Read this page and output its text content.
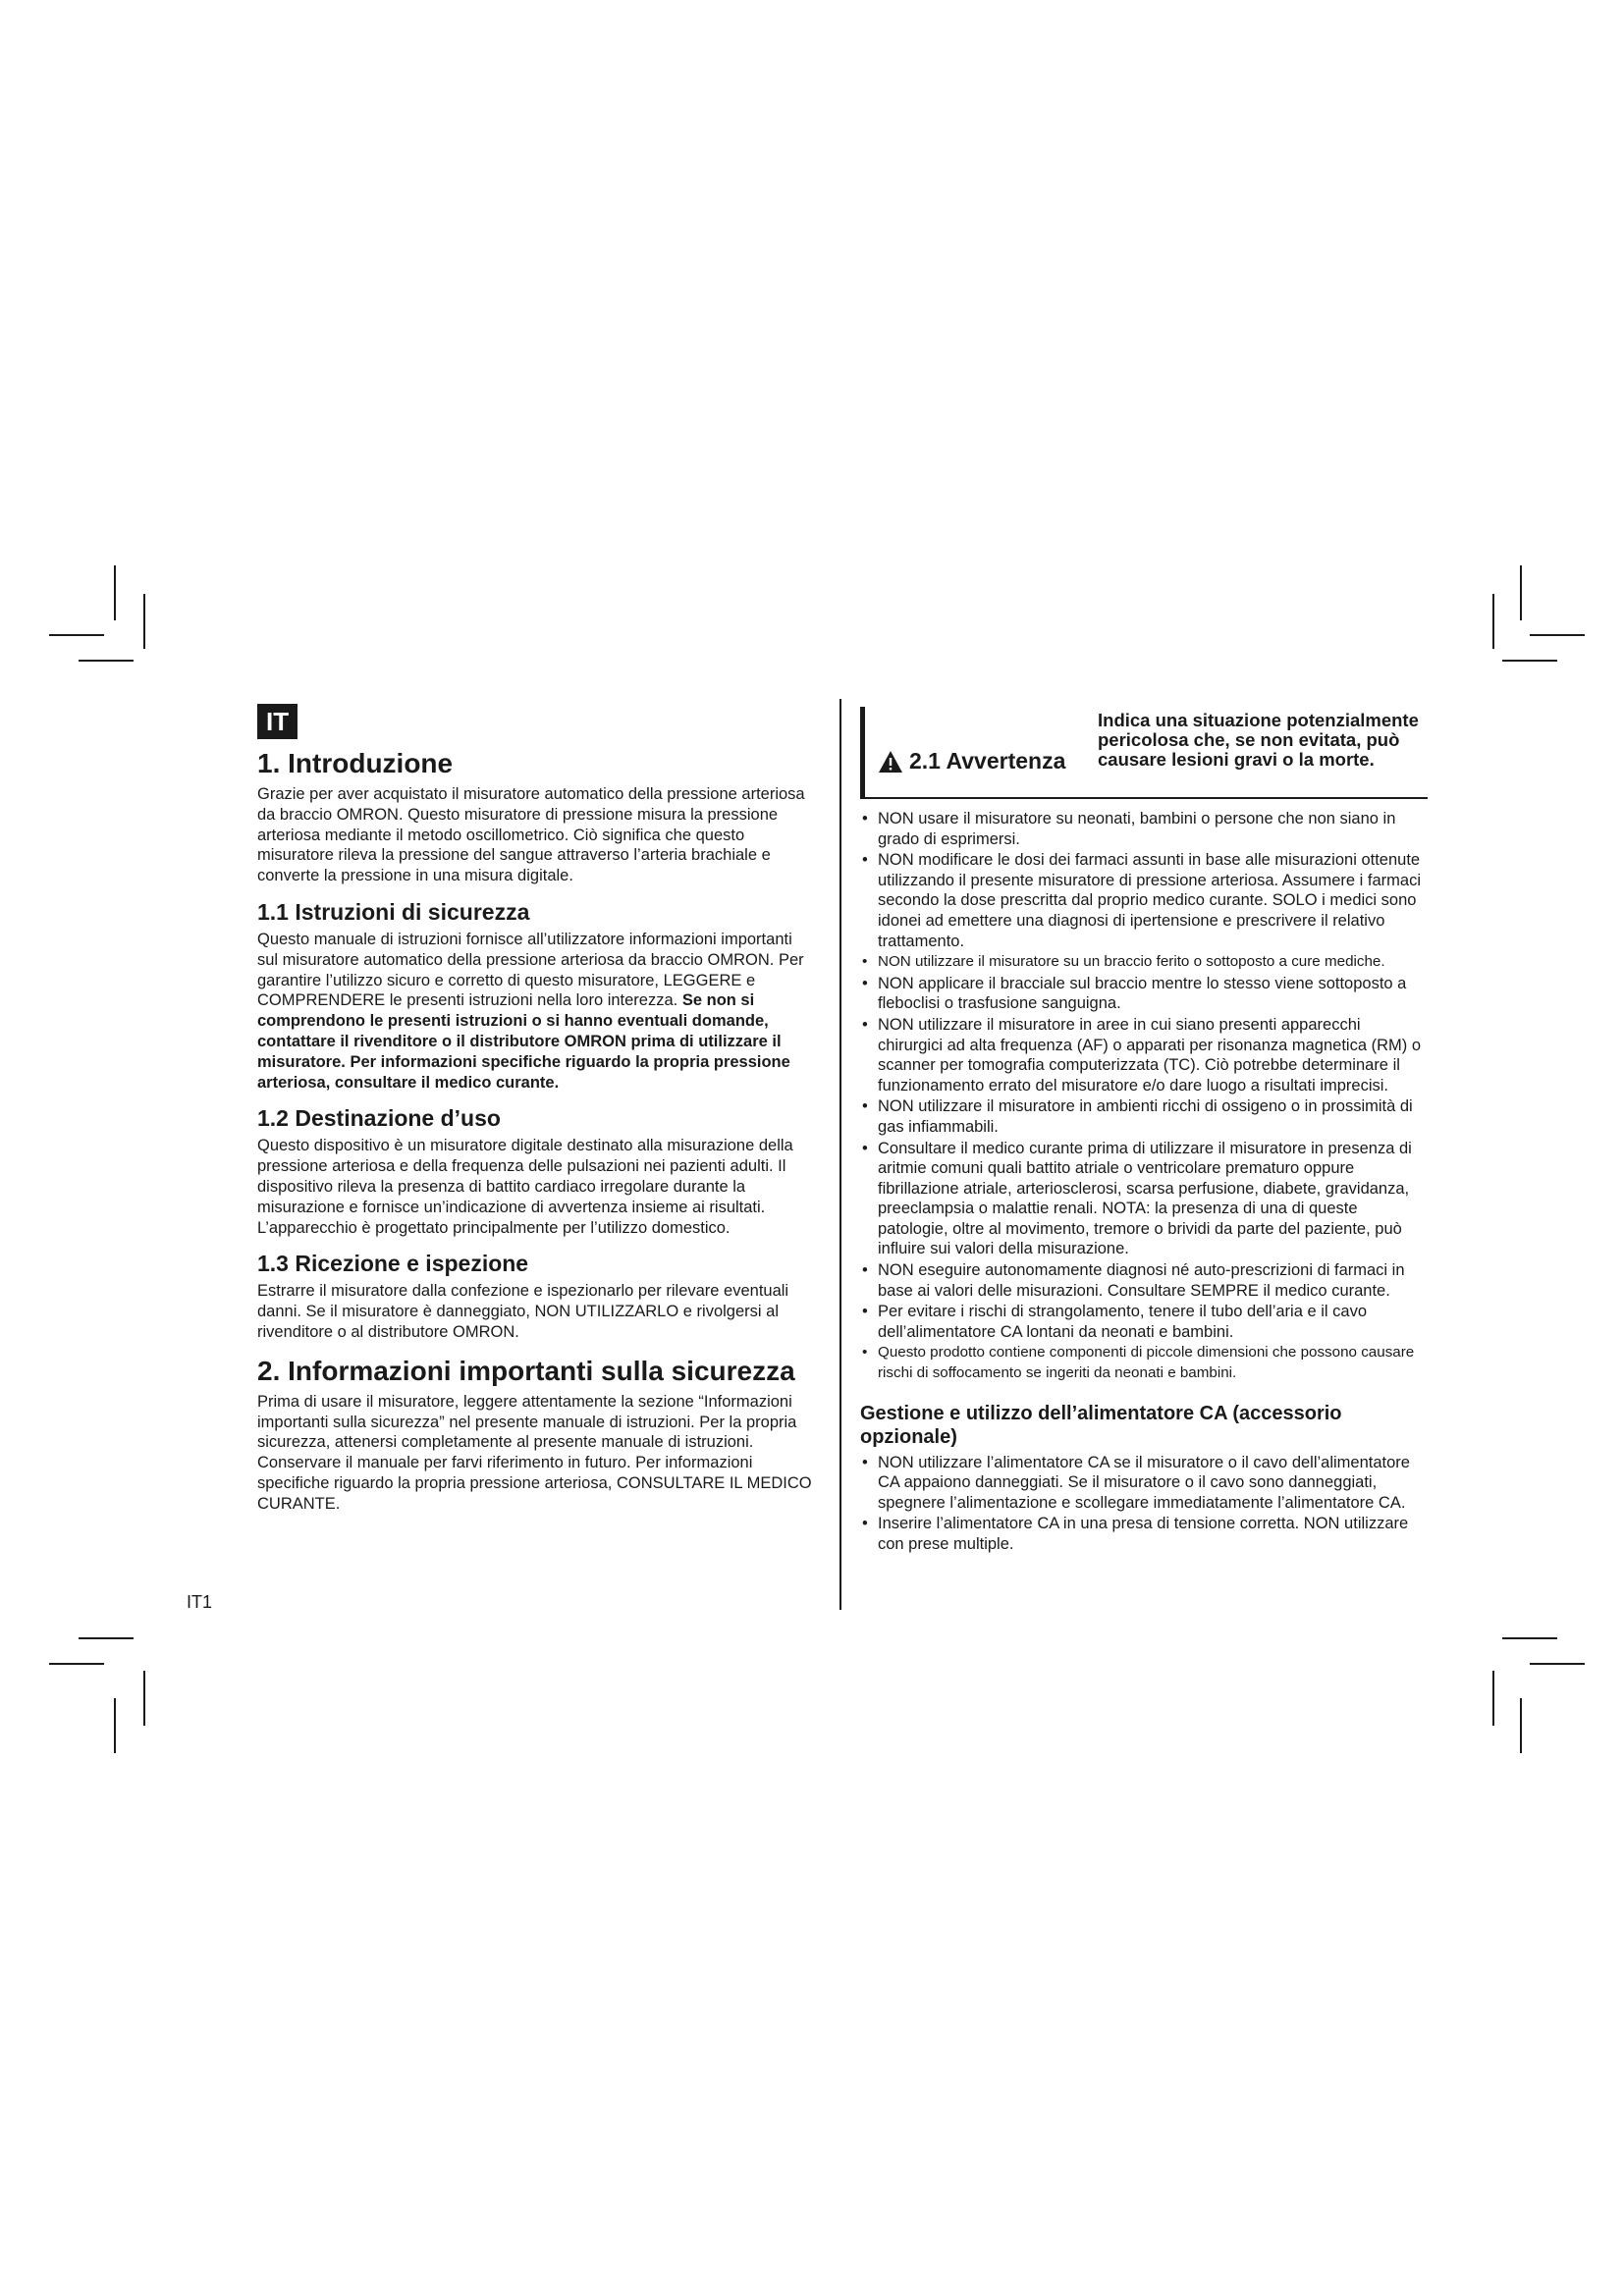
IT
1. Introduzione

Grazie per aver acquistato il misuratore automatico della pressione arteriosa da braccio OMRON. Questo misuratore di pressione misura la pressione arteriosa mediante il metodo oscillometrico. Ciò significa che questo misuratore rileva la pressione del sangue attraverso l’arteria brachiale e converte la pressione in una misura digitale.

1.1 Istruzioni di sicurezza

Questo manuale di istruzioni fornisce all’utilizzatore informazioni importanti sul misuratore automatico della pressione arteriosa da braccio OMRON. Per garantire l’utilizzo sicuro e corretto di questo misuratore, LEGGERE e COMPRENDERE le presenti istruzioni nella loro interezza. Se non si comprendono le presenti istruzioni o si hanno eventuali domande, contattare il rivenditore o il distributore OMRON prima di utilizzare il misuratore. Per informazioni specifiche riguardo la propria pressione arteriosa, consultare il medico curante.

1.2 Destinazione d’uso

Questo dispositivo è un misuratore digitale destinato alla misurazione della pressione arteriosa e della frequenza delle pulsazioni nei pazienti adulti. Il dispositivo rileva la presenza di battito cardiaco irregolare durante la misurazione e fornisce un’indicazione di avvertenza insieme ai risultati. L’apparecchio è progettato principalmente per l’utilizzo domestico.

1.3 Ricezione e ispezione

Estrarre il misuratore dalla confezione e ispezionarlo per rilevare eventuali danni. Se il misuratore è danneggiato, NON UTILIZZARLO e rivolgersi al rivenditore o al distributore OMRON.

2. Informazioni importanti sulla sicurezza

Prima di usare il misuratore, leggere attentamente la sezione “Informazioni importanti sulla sicurezza” nel presente manuale di istruzioni. Per la propria sicurezza, attenersi completamente al presente manuale di istruzioni.

Conservare il manuale per farvi riferimento in futuro. Per informazioni specifiche riguardo la propria pressione arteriosa, CONSULTARE IL MEDICO CURANTE.

IT1
2.1 Avvertenza
Indica una situazione potenzialmente pericolosa che, se non evitata, può causare lesioni gravi o la morte.
• NON usare il misuratore su neonati, bambini o persone che non siano in grado di esprimersi.
• NON modificare le dosi dei farmaci assunti in base alle misurazioni ottenute utilizzando il presente misuratore di pressione arteriosa. Assumere i farmaci secondo la dose prescritta dal proprio medico curante. SOLO i medici sono idonei ad emettere una diagnosi di ipertensione e prescrivere il relativo trattamento.
• NON utilizzare il misuratore su un braccio ferito o sottoposto a cure mediche.
• NON applicare il bracciale sul braccio mentre lo stesso viene sottoposto a fleboclisi o trasfusione sanguigna.
• NON utilizzare il misuratore in aree in cui siano presenti apparecchi chirurgici ad alta frequenza (AF) o apparati per risonanza magnetica (RM) o scanner per tomografia computerizzata (TC). Ciò potrebbe determinare il funzionamento errato del misuratore e/o dare luogo a risultati imprecisi.
• NON utilizzare il misuratore in ambienti ricchi di ossigeno o in prossimità di gas infiammabili.
• Consultare il medico curante prima di utilizzare il misuratore in presenza di aritmie comuni quali battito atriale o ventricolare prematuro oppure fibrillazione atriale, arteriosclerosi, scarsa perfusione, diabete, gravidanza, preeclampsia o malattie renali. NOTA: la presenza di una di queste patologie, oltre al movimento, tremore o brividi da parte del paziente, può influire sui valori della misurazione.
• NON eseguire autonomamente diagnosi né auto-prescrizioni di farmaci in base ai valori delle misurazioni. Consultare SEMPRE il medico curante.
• Per evitare i rischi di strangolamento, tenere il tubo dell’aria e il cavo dell’alimentatore CA lontani da neonati e bambini.
• Questo prodotto contiene componenti di piccole dimensioni che possono causare rischi di soffocamento se ingeriti da neonati e bambini.
Gestione e utilizzo dell’alimentatore CA (accessorio opzionale)
• NON utilizzare l’alimentatore CA se il misuratore o il cavo dell’alimentatore CA appaiono danneggiati. Se il misuratore o il cavo sono danneggiati, spegnere l’alimentazione e scollegare immediatamente l’alimentatore CA.
• Inserire l’alimentatore CA in una presa di tensione corretta. NON utilizzare con prese multiple.
